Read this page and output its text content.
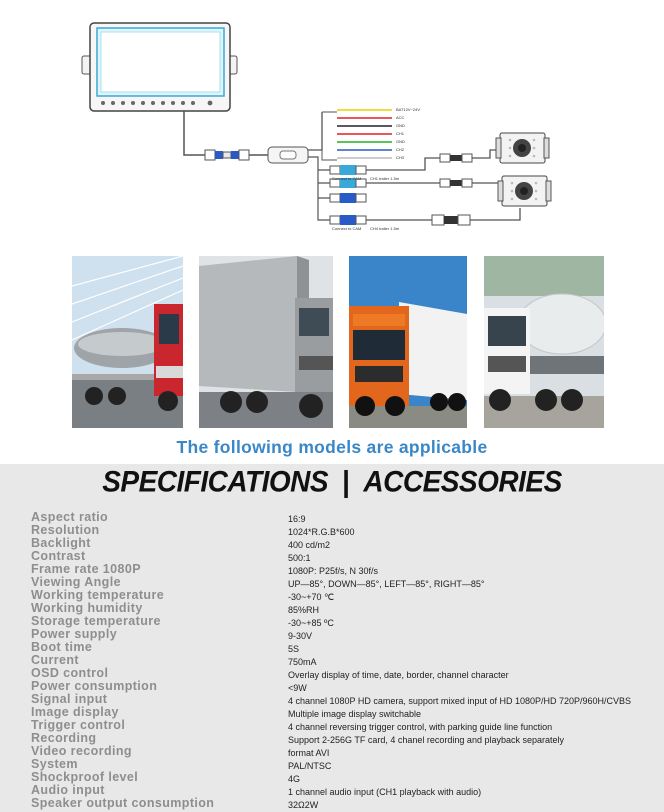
BAT12V~24V
ACC
GND
CH1
GND
CH2
CH3
Connect to CAM CH1 trailer 1.5m
Connect to CAM CH4 trailer 1.5m
The following models are applicable
SPECIFICATIONS | ACCESSORIES
Aspect ratio	16:9
Resolution	1024*R.G.B*600
Backlight	400 cd/m2
Contrast	500:1
Frame rate 1080P	1080P: P25f/s, N 30f/s
Viewing Angle	UP—85°, DOWN—85°, LEFT—85°, RIGHT—85°
Working temperature	-30~+70 ℃
Working humidity	85%RH
Storage temperature	-30~+85 ºC
Power supply	9-30V
Boot time	5S
Current	750mA
OSD control	Overlay display of time, date, border, channel character
Power consumption	<9W
Signal input	4 channel 1080P HD camera, support mixed input of HD 1080P/HD 720P/960H/CVBS
Image display	Multiple image display switchable
Trigger control	4 channel reversing trigger control, with parking guide line function
Recording	Support 2-256G TF card, 4 chanel recording and playback separately
Video recording	format AVI
System	PAL/NTSC
Shockproof level	4G
Audio input	1 channel audio input (CH1 playback with audio)
Speaker output consumption	32Ω2W
